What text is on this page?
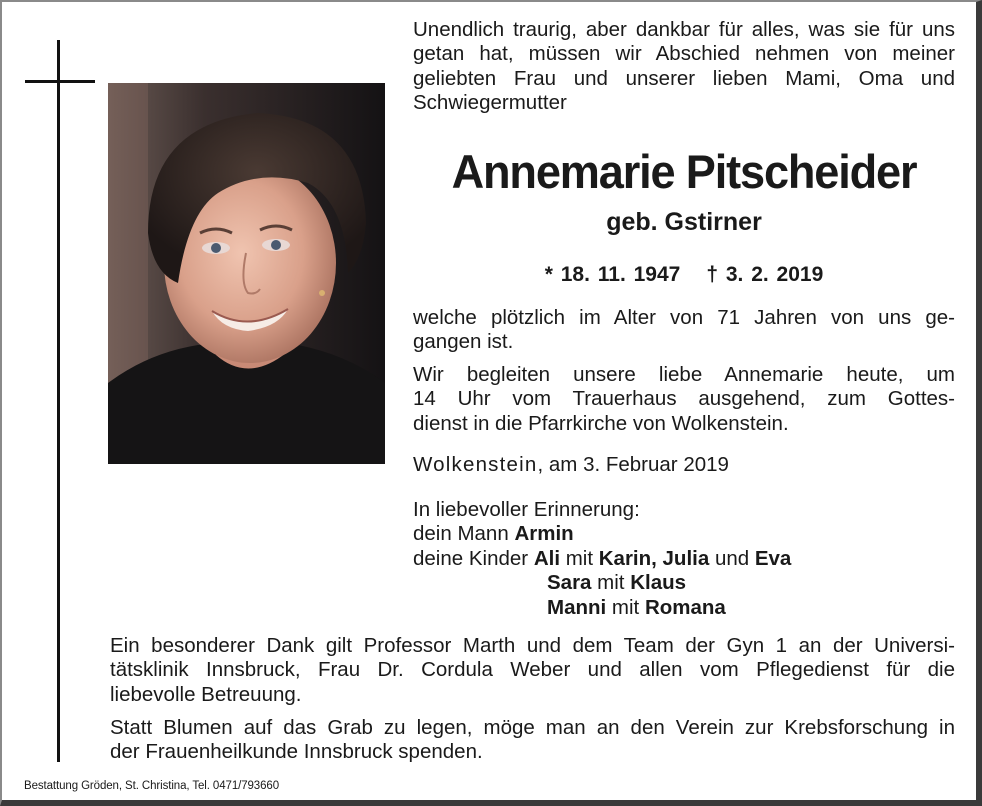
Unendlich traurig, aber dankbar für alles, was sie für uns getan hat, müssen wir Abschied nehmen von meiner geliebten Frau und unserer lieben Mami, Oma und Schwiegermutter
Annemarie Pitscheider
geb. Gstirner
* 18. 11. 1947 † 3. 2. 2019
welche plötzlich im Alter von 71 Jahren von uns ge-
gangen ist.
Wir begleiten unsere liebe Annemarie heute, um
14 Uhr vom Trauerhaus ausgehend, zum Gottes-
dienst in die Pfarrkirche von Wolkenstein.
Wolkenstein, am 3. Februar 2019
In liebevoller Erinnerung:
dein Mann Armin
deine Kinder Ali mit Karin, Julia und Eva
Sara mit Klaus
Manni mit Romana
Ein besonderer Dank gilt Professor Marth und dem Team der Gyn 1 an der Universi-
tätsklinik Innsbruck, Frau Dr. Cordula Weber und allen vom Pflegedienst für die
liebevolle Betreuung.
Statt Blumen auf das Grab zu legen, möge man an den Verein zur Krebsforschung in
der Frauenheilkunde Innsbruck spenden.
Bestattung Gröden, St. Christina, Tel. 0471/793660
